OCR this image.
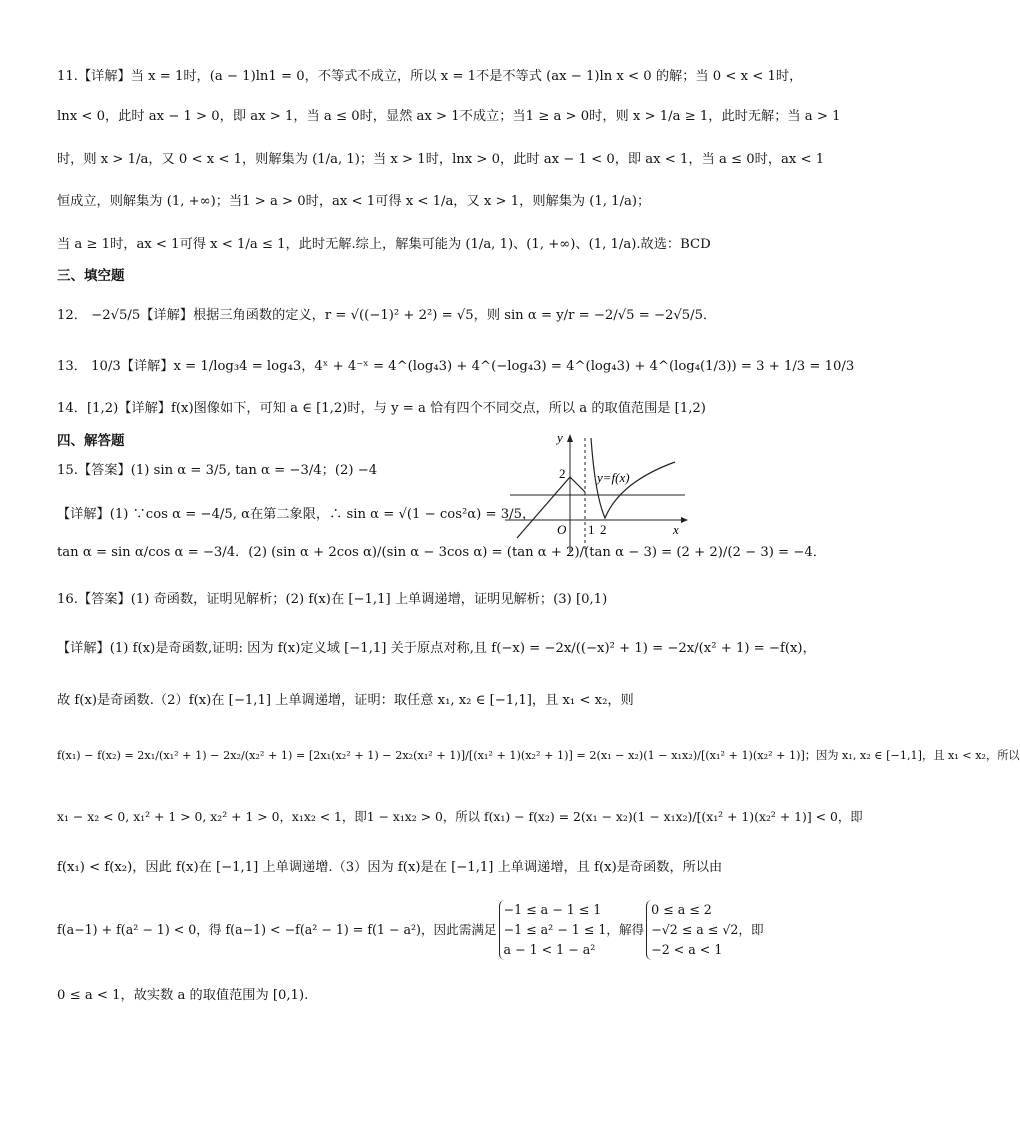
11.【详解】当 x = 1时，(a − 1)ln1 = 0，不等式不成立，所以 x = 1不是不等式 (ax − 1)ln x < 0 的解；当 0 < x < 1时，
lnx < 0，此时 ax − 1 > 0，即 ax > 1，当 a ≤ 0时，显然 ax > 1不成立；当1 ≥ a > 0时，则 x > 1/a ≥ 1，此时无解；当 a > 1
时，则 x > 1/a，又 0 < x < 1，则解集为 (1/a, 1)；当 x > 1时，lnx > 0，此时 ax − 1 < 0，即 ax < 1，当 a ≤ 0时，ax < 1
恒成立，则解集为 (1, +∞)；当1 > a > 0时，ax < 1可得 x < 1/a，又 x > 1，则解集为 (1, 1/a)；
当 a ≥ 1时，ax < 1可得 x < 1/a ≤ 1，此时无解.综上，解集可能为 (1/a, 1)、(1, +∞)、(1, 1/a).故选：BCD
三、填空题
12． −2√5/5【详解】根据三角函数的定义，r = √((−1)² + 2²) = √5，则 sin α = y/r = −2/√5 = −2√5/5．
13． 10/3【详解】x = 1/log₃4 = log₄3，4ˣ + 4⁻ˣ = 4^(log₄3) + 4^(−log₄3) = 4^(log₄3) + 4^(log₄(1/3)) = 3 + 1/3 = 10/3
14．[1,2)【详解】f(x)图像如下，可知 a ∈ [1,2)时，与 y = a 恰有四个不同交点，所以 a 的取值范围是 [1,2)
四、解答题
15.【答案】(1) sin α = 3/5, tan α = −3/4；(2) −4
【详解】(1) ∵cos α = −4/5, α在第二象限，∴ sin α = √(1 − cos²α) = 3/5，
tan α = sin α/cos α = −3/4．(2) (sin α + 2cos α)/(sin α − 3cos α) = (tan α + 2)/(tan α − 3) = (2 + 2)/(2 − 3) = −4．
y
x
O 1 2
2 y=f(x)
16.【答案】(1) 奇函数，证明见解析；(2) f(x)在 [−1,1] 上单调递增，证明见解析；(3) [0,1)
【详解】(1) f(x)是奇函数,证明: 因为 f(x)定义域 [−1,1] 关于原点对称,且 f(−x) = −2x/((−x)² + 1) = −2x/(x² + 1) = −f(x)，
故 f(x)是奇函数.（2）f(x)在 [−1,1] 上单调递增，证明：取任意 x₁, x₂ ∈ [−1,1]，且 x₁ < x₂，则
f(x₁) − f(x₂) = 2x₁/(x₁² + 1) − 2x₂/(x₂² + 1) = [2x₁(x₂² + 1) − 2x₂(x₁² + 1)]/[(x₁² + 1)(x₂² + 1)] = 2(x₁ − x₂)(1 − x₁x₂)/[(x₁² + 1)(x₂² + 1)]；因为 x₁, x₂ ∈ [−1,1]，且 x₁ < x₂，所以
x₁ − x₂ < 0, x₁² + 1 > 0, x₂² + 1 > 0，x₁x₂ < 1，即1 − x₁x₂ > 0，所以 f(x₁) − f(x₂) = 2(x₁ − x₂)(1 − x₁x₂)/[(x₁² + 1)(x₂² + 1)] < 0，即
f(x₁) < f(x₂)，因此 f(x)在 [−1,1] 上单调递增.（3）因为 f(x)是在 [−1,1] 上单调递增，且 f(x)是奇函数，所以由
f(a−1) + f(a² − 1) < 0，得 f(a−1) < −f(a² − 1) = f(1 − a²)，因此需满足
−1 ≤ a − 1 ≤ 1
−1 ≤ a² − 1 ≤ 1
a − 1 < 1 − a²
，解得
0 ≤ a ≤ 2
−√2 ≤ a ≤ √2
−2 < a < 1
，即
0 ≤ a < 1，故实数 a 的取值范围为 [0,1).
